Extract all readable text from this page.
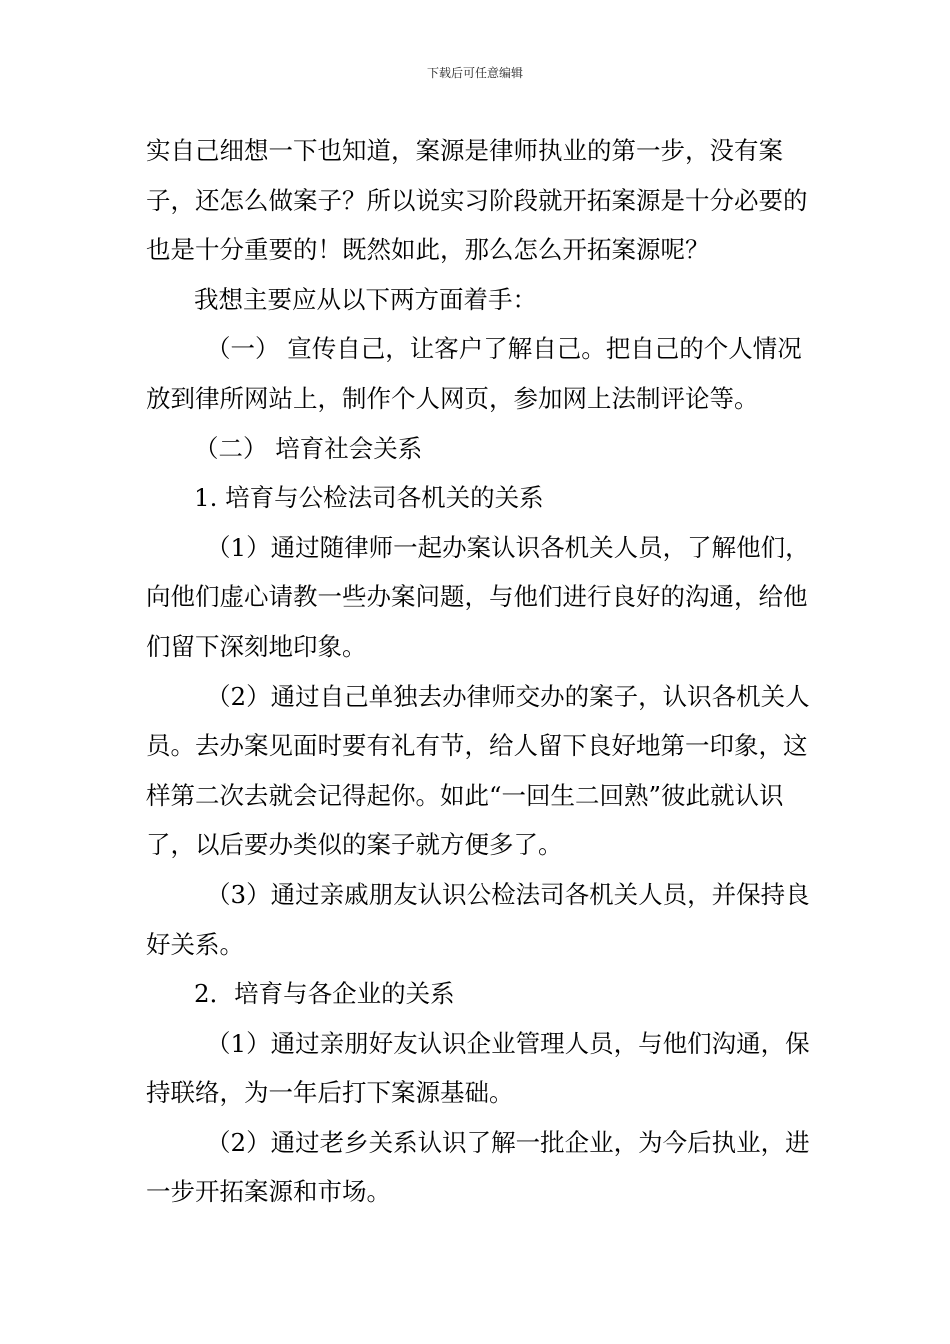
下载后可任意编辑

实自己细想一下也知道，案源是律师执业的第一步，没有案子，还怎么做案子？所以说实习阶段就开拓案源是十分必要的也是十分重要的！既然如此，那么怎么开拓案源呢？

我想主要应从以下两方面着手：

（一） 宣传自己，让客户了解自己。把自己的个人情况放到律所网站上，制作个人网页，参加网上法制评论等。

（二） 培育社会关系

1. 培育与公检法司各机关的关系

（1）通过随律师一起办案认识各机关人员，了解他们，向他们虚心请教一些办案问题，与他们进行良好的沟通，给他们留下深刻地印象。

（2）通过自己单独去办律师交办的案子，认识各机关人员。去办案见面时要有礼有节，给人留下良好地第一印象，这样第二次去就会记得起你。如此“一回生二回熟”彼此就认识了，以后要办类似的案子就方便多了。

（3）通过亲戚朋友认识公检法司各机关人员，并保持良好关系。

2．培育与各企业的关系

（1）通过亲朋好友认识企业管理人员，与他们沟通，保持联络，为一年后打下案源基础。

（2）通过老乡关系认识了解一批企业，为今后执业，进一步开拓案源和市场。
